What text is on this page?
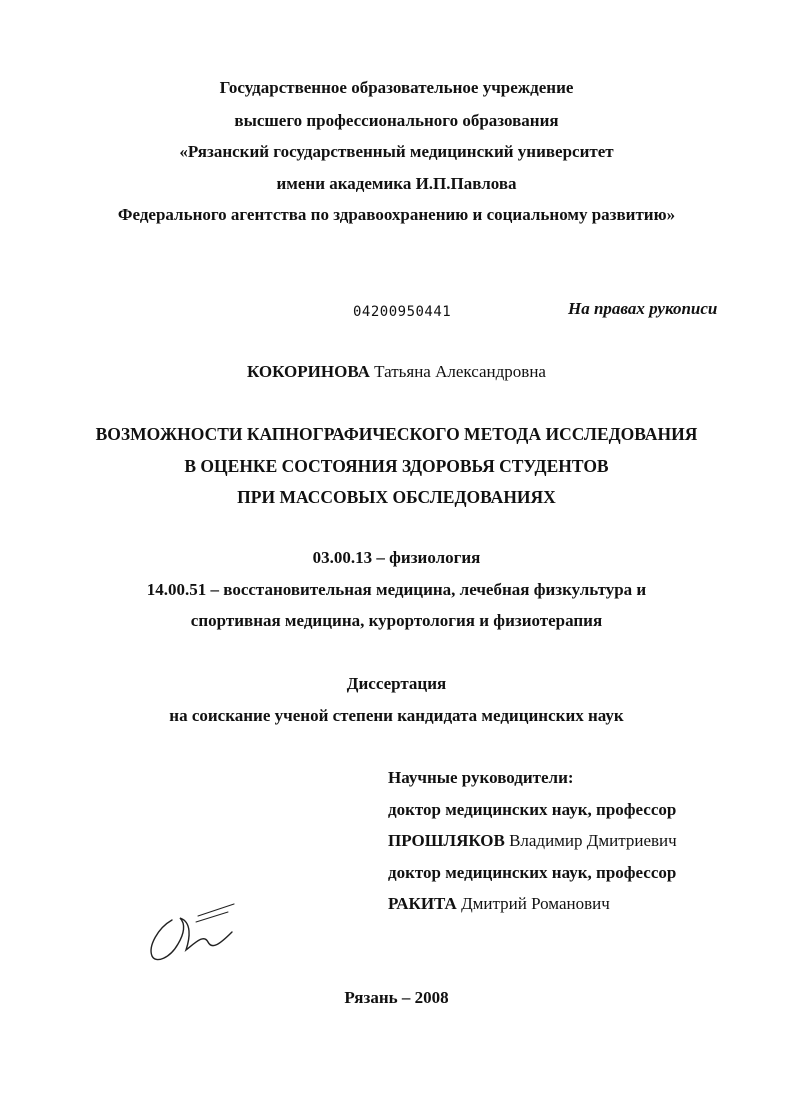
Государственное образовательное учреждение
высшего профессионального образования
«Рязанский государственный медицинский университет
имени академика И.П.Павлова
Федерального агентства по здравоохранению и социальному развитию»
04200950441	На правах рукописи
КОКОРИНОВА Татьяна Александровна
ВОЗМОЖНОСТИ КАПНОГРАФИЧЕСКОГО МЕТОДА ИССЛЕДОВАНИЯ
В ОЦЕНКЕ СОСТОЯНИЯ ЗДОРОВЬЯ СТУДЕНТОВ
ПРИ МАССОВЫХ ОБСЛЕДОВАНИЯХ
03.00.13 – физиология
14.00.51 – восстановительная медицина, лечебная физкультура и
спортивная медицина, курортология и физиотерапия
Диссертация
на соискание ученой степени кандидата медицинских наук
Научные руководители:
доктор медицинских наук, профессор
ПРОШЛЯКОВ Владимир Дмитриевич
доктор медицинских наук, профессор
РАКИТА Дмитрий Романович
Рязань – 2008
